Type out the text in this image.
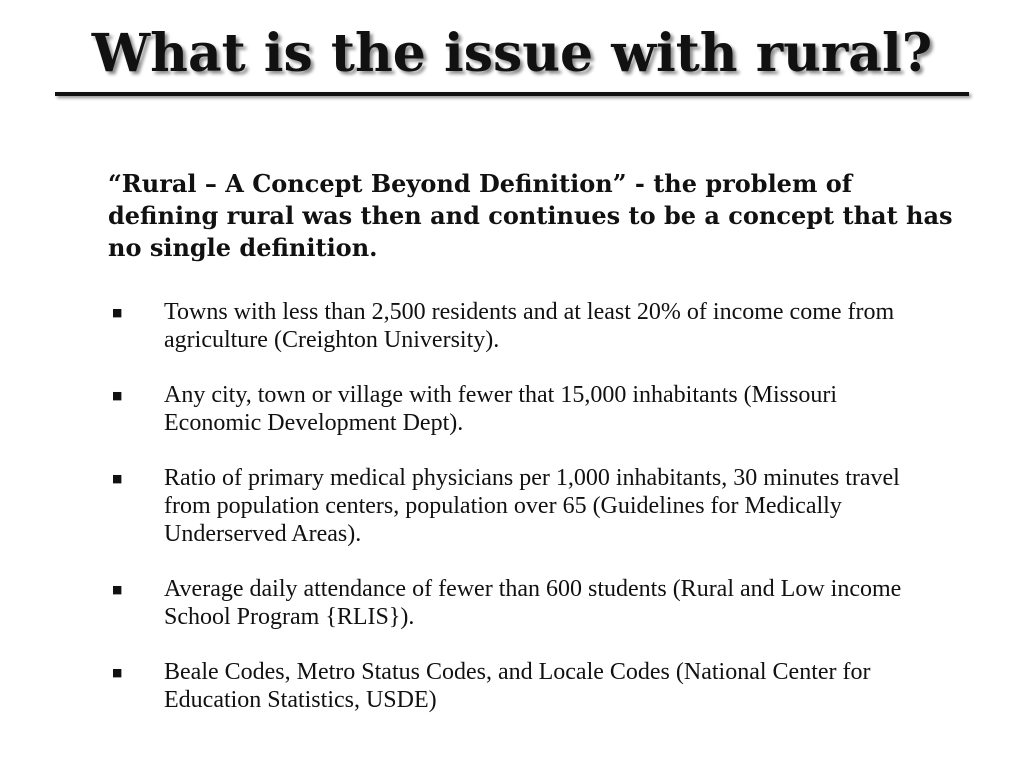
What is the issue with rural?

“Rural – A Concept Beyond Definition” - the problem of defining rural was then and continues to be a concept that has no single definition.

■	Towns with less than 2,500 residents and at least 20% of income come from agriculture (Creighton University).
■	Any city, town or village with fewer that 15,000 inhabitants (Missouri Economic Development Dept).
■	Ratio of primary medical physicians per 1,000 inhabitants, 30 minutes travel from population centers, population over 65 (Guidelines for Medically Underserved Areas).
■	Average daily attendance of fewer than 600 students (Rural and Low income School Program {RLIS}).
■	Beale Codes, Metro Status Codes, and Locale Codes (National Center for Education Statistics, USDE)
